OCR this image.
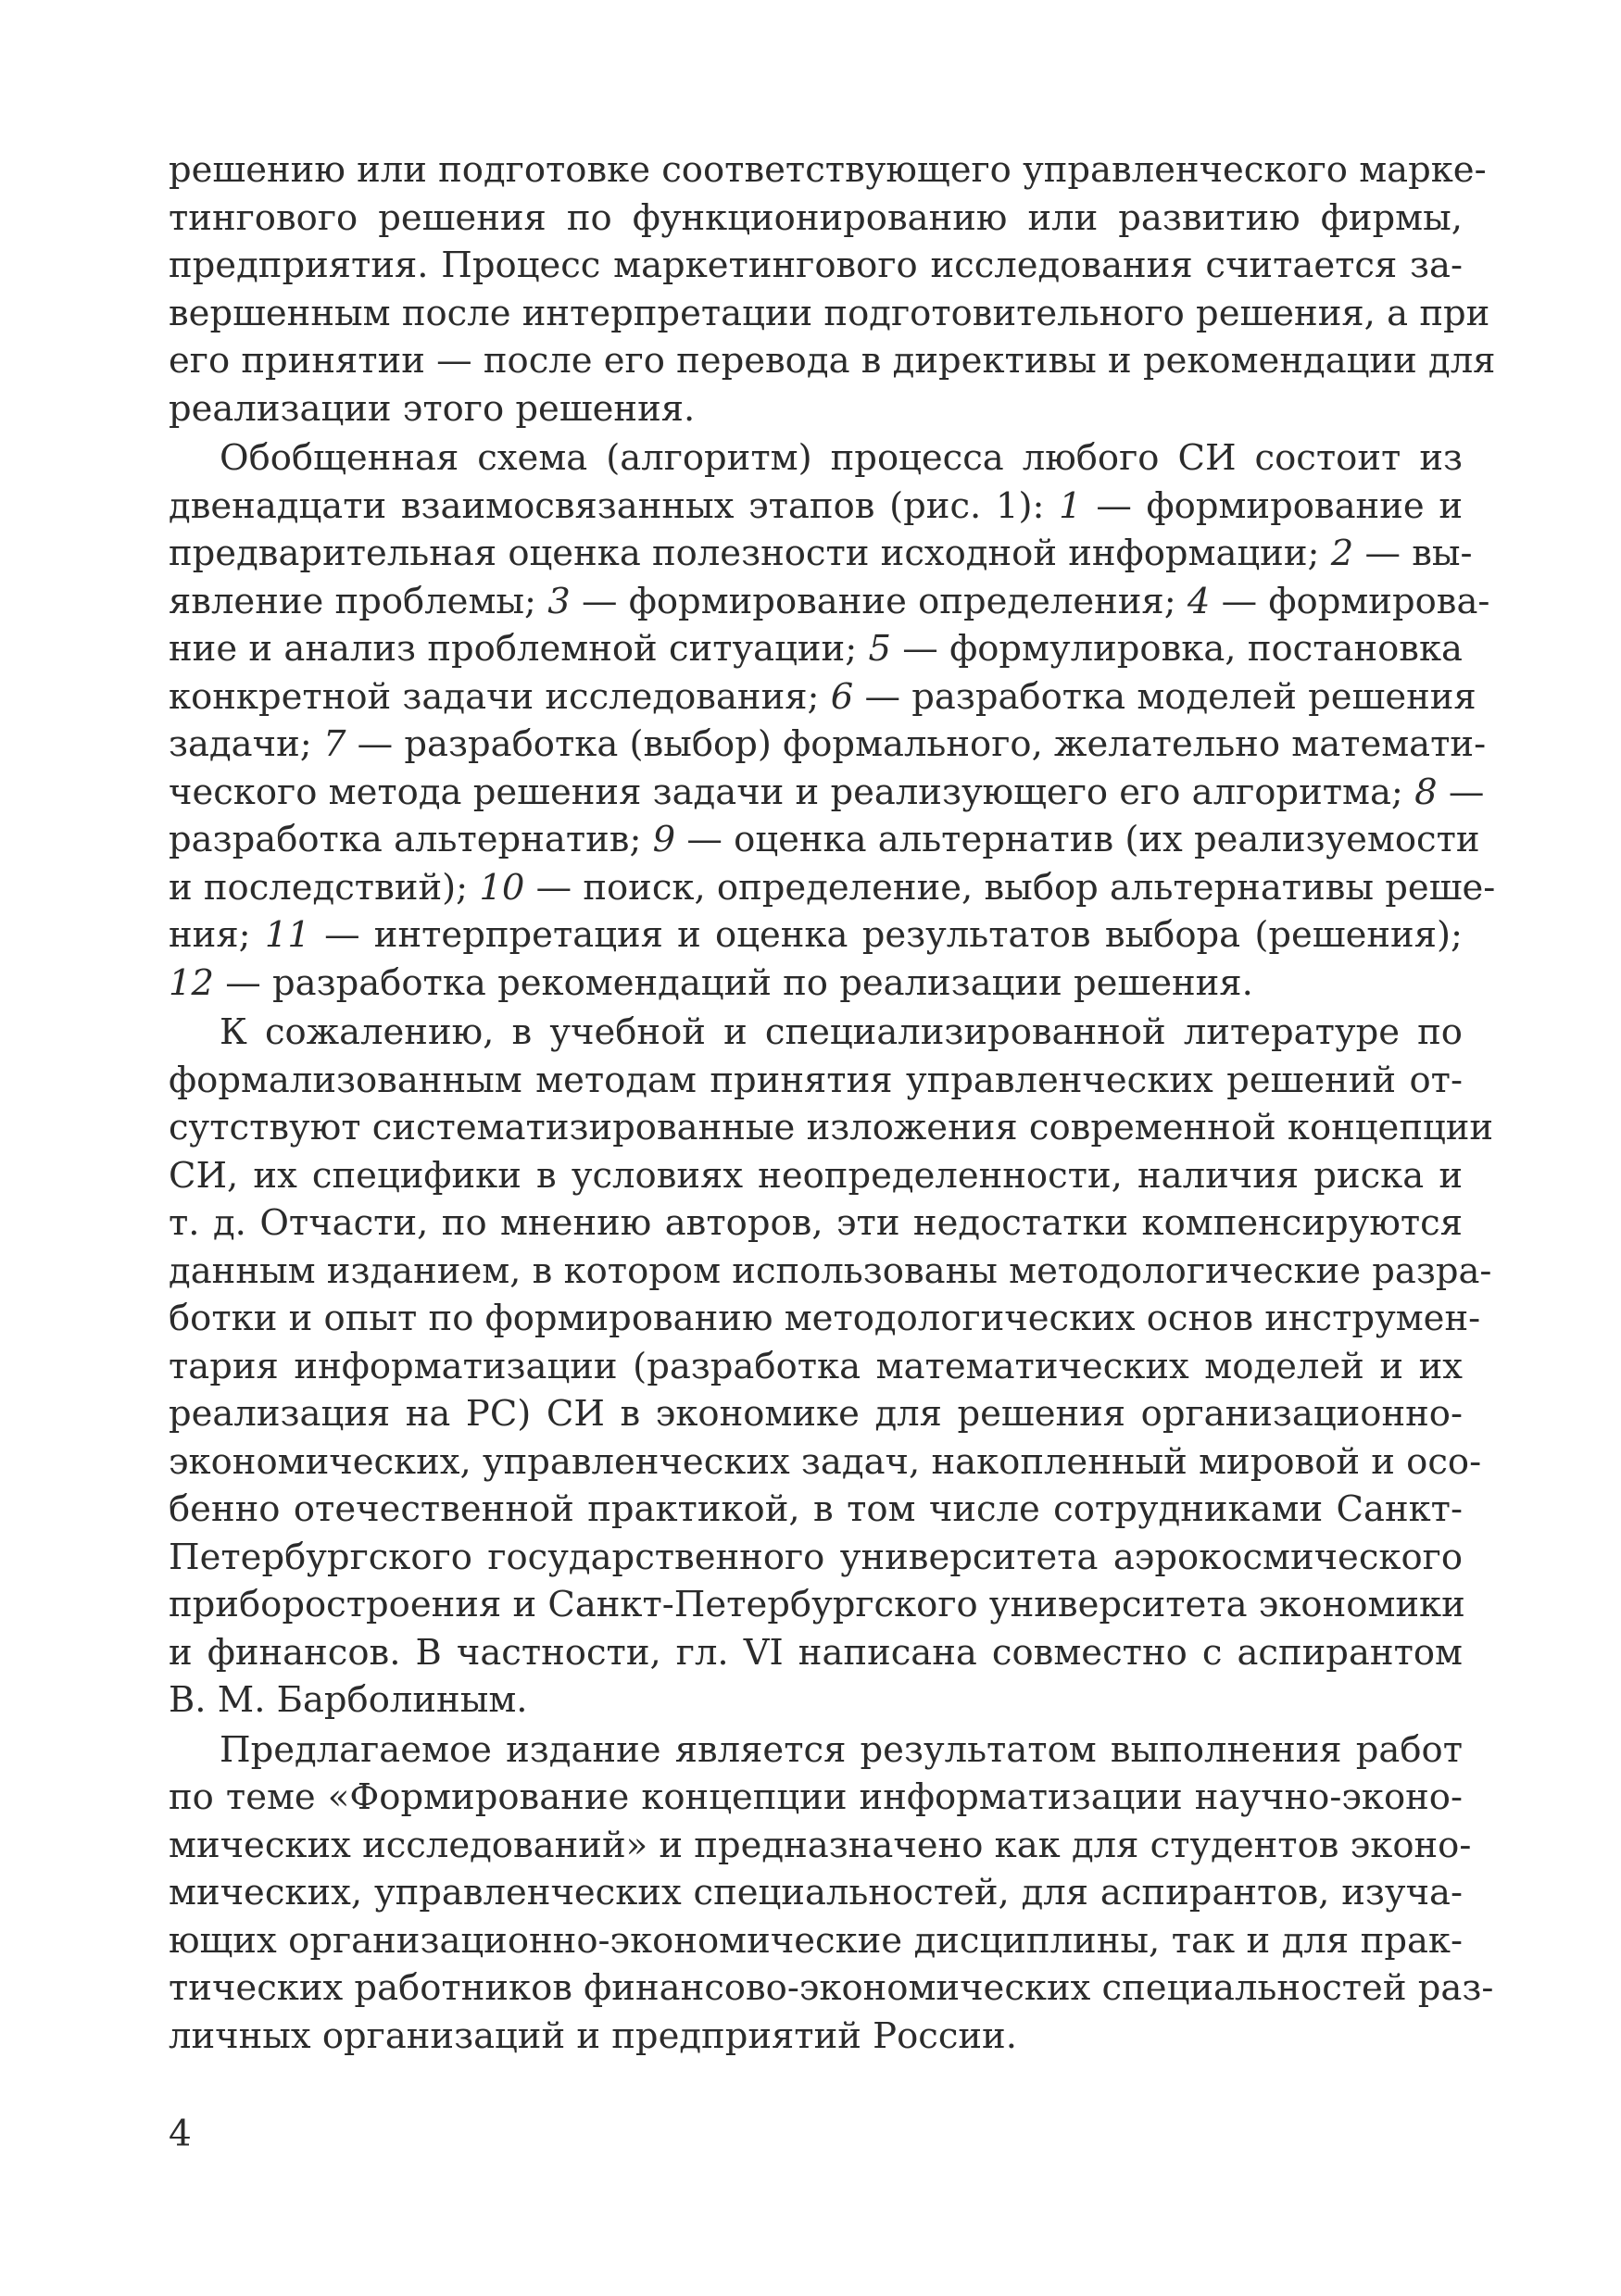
решению или подготовке соответствующего управленческого марке-
тингового решения по функционированию или развитию фирмы,
предприятия. Процесс маркетингового исследования считается за-
вершенным после интерпретации подготовительного решения, а при
его принятии — после его перевода в директивы и рекомендации для
реализации этого решения.
Обобщенная схема (алгоритм) процесса любого СИ состоит из
двенадцати взаимосвязанных этапов (рис. 1): 1 — формирование и
предварительная оценка полезности исходной информации; 2 — вы-
явление проблемы; 3 — формирование определения; 4 — формирова-
ние и анализ проблемной ситуации; 5 — формулировка, постановка
конкретной задачи исследования; 6 — разработка моделей решения
задачи; 7 — разработка (выбор) формального, желательно математи-
ческого метода решения задачи и реализующего его алгоритма; 8 —
разработка альтернатив; 9 — оценка альтернатив (их реализуемости
и последствий); 10 — поиск, определение, выбор альтернативы реше-
ния; 11 — интерпретация и оценка результатов выбора (решения);
12 — разработка рекомендаций по реализации решения.
К сожалению, в учебной и специализированной литературе по
формализованным методам принятия управленческих решений от-
сутствуют систематизированные изложения современной концепции
СИ, их специфики в условиях неопределенности, наличия риска и
т. д. Отчасти, по мнению авторов, эти недостатки компенсируются
данным изданием, в котором использованы методологические разра-
ботки и опыт по формированию методологических основ инструмен-
тария информатизации (разработка математических моделей и их
реализация на PC) СИ в экономике для решения организационно-
экономических, управленческих задач, накопленный мировой и осо-
бенно отечественной практикой, в том числе сотрудниками Санкт-
Петербургского государственного университета аэрокосмического
приборостроения и Санкт-Петербургского университета экономики
и финансов. В частности, гл. VI написана совместно с аспирантом
В. М. Барболиным.
Предлагаемое издание является результатом выполнения работ
по теме «Формирование концепции информатизации научно-эконо-
мических исследований» и предназначено как для студентов эконо-
мических, управленческих специальностей, для аспирантов, изуча-
ющих организационно-экономические дисциплины, так и для прак-
тических работников финансово-экономических специальностей раз-
личных организаций и предприятий России.
4
